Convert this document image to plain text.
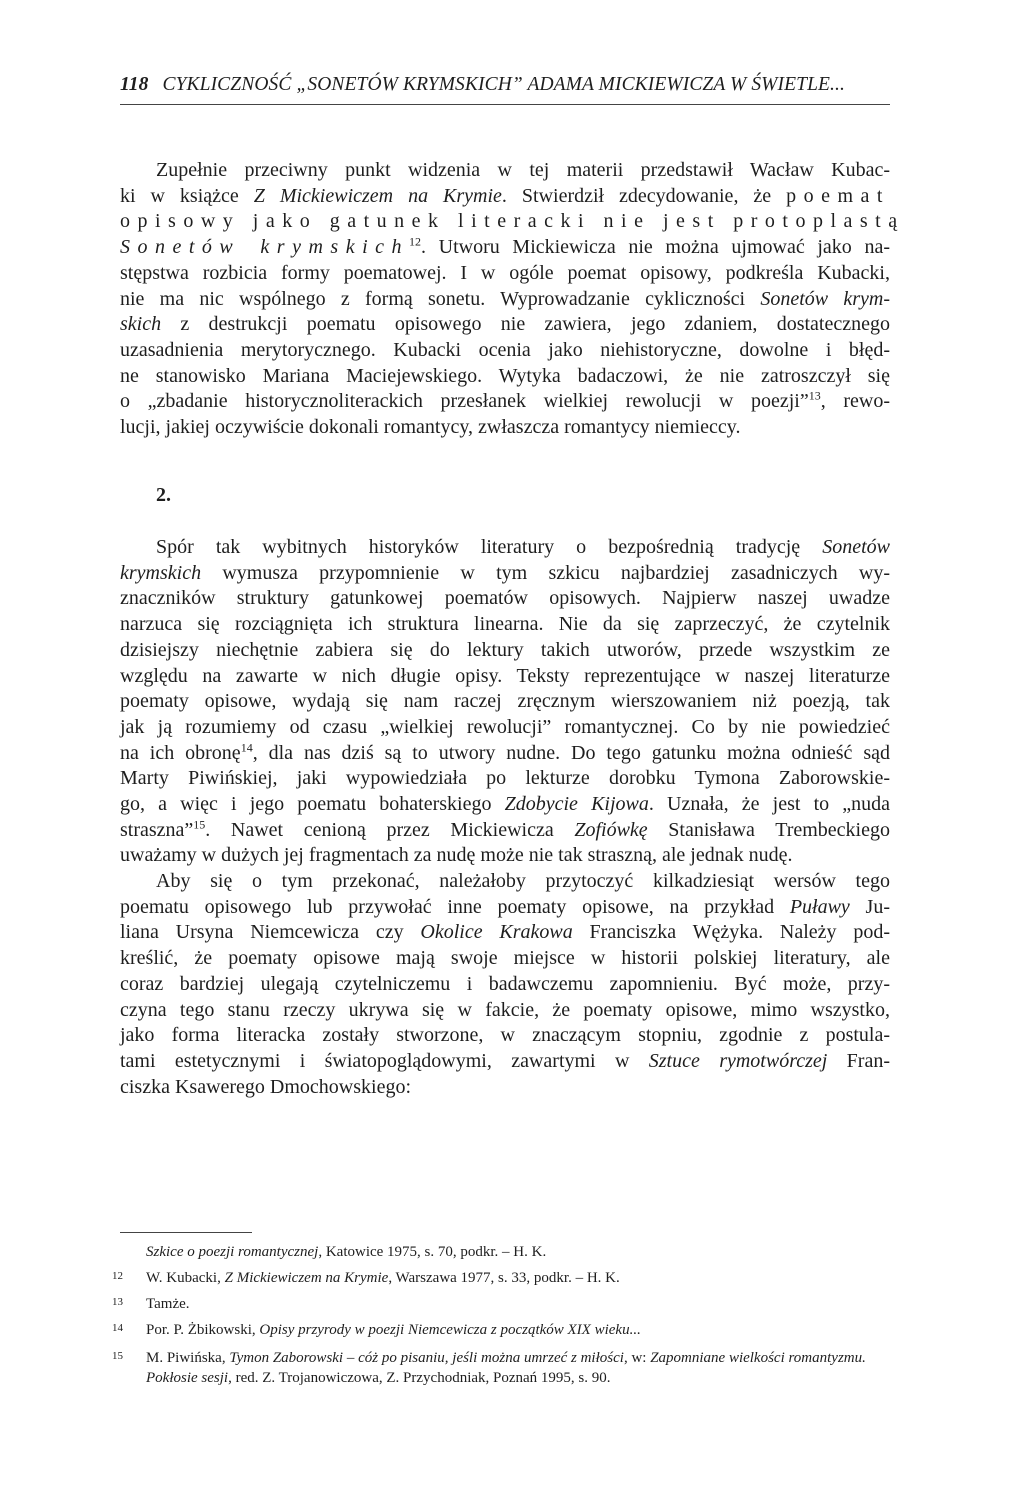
118 CYKLICZNOŚĆ „SONETÓW KRYMSKICH” ADAMA MICKIEWICZA W ŚWIETLE...
Zupełnie przeciwny punkt widzenia w tej materii przedstawił Wacław Kubac-
ki w książce Z Mickiewiczem na Krymie. Stwierdził zdecydowanie, że poemat
opisowy jako gatunek literacki nie jest protoplastą
Sonetów krymskich$^{12}$. Utworu Mickiewicza nie można ujmować jako na-
stępstwa rozbicia formy poematowej. I w ogóle poemat opisowy, podkreśla Kubacki,
nie ma nic wspólnego z formą sonetu. Wyprowadzanie cykliczności Sonetów krym-
skich z destrukcji poematu opisowego nie zawiera, jego zdaniem, dostatecznego
uzasadnienia merytorycznego. Kubacki ocenia jako niehistoryczne, dowolne i błęd-
ne stanowisko Mariana Maciejewskiego. Wytyka badaczowi, że nie zatroszczył się
o „zbadanie historycznoliterackich przesłanek wielkiej rewolucji w poezji”$^{13}$, rewo-
lucji, jakiej oczywiście dokonali romantycy, zwłaszcza romantycy niemieccy.
2.
Spór tak wybitnych historyków literatury o bezpośrednią tradycję Sonetów
krymskich wymusza przypomnienie w tym szkicu najbardziej zasadniczych wy-
znaczników struktury gatunkowej poematów opisowych. Najpierw naszej uwadze
narzuca się rozciągnięta ich struktura linearna. Nie da się zaprzeczyć, że czytelnik
dzisiejszy niechętnie zabiera się do lektury takich utworów, przede wszystkim ze
względu na zawarte w nich długie opisy. Teksty reprezentujące w naszej literaturze
poematy opisowe, wydają się nam raczej zręcznym wierszowaniem niż poezją, tak
jak ją rozumiemy od czasu „wielkiej rewolucji” romantycznej. Co by nie powiedzieć
na ich obronę$^{14}$, dla nas dziś są to utwory nudne. Do tego gatunku można odnieść sąd
Marty Piwińskiej, jaki wypowiedziała po lekturze dorobku Tymona Zaborowskie-
go, a więc i jego poematu bohaterskiego Zdobycie Kijowa. Uznała, że jest to „nuda
straszna”$^{15}$. Nawet cenioną przez Mickiewicza Zofiówkę Stanisława Trembeckiego
uważamy w dużych jej fragmentach za nudę może nie tak straszną, ale jednak nudę.
Aby się o tym przekonać, należałoby przytoczyć kilkadziesiąt wersów tego
poematu opisowego lub przywołać inne poematy opisowe, na przykład Puławy Ju-
liana Ursyna Niemcewicza czy Okolice Krakowa Franciszka Wężyka. Należy pod-
kreślić, że poematy opisowe mają swoje miejsce w historii polskiej literatury, ale
coraz bardziej ulegają czytelniczemu i badawczemu zapomnieniu. Być może, przy-
czyna tego stanu rzeczy ukrywa się w fakcie, że poematy opisowe, mimo wszystko,
jako forma literacka zostały stworzone, w znaczącym stopniu, zgodnie z postula-
tami estetycznymi i światopoglądowymi, zawartymi w Sztuce rymotwórczej Fran-
ciszka Ksawerego Dmochowskiego:
Szkice o poezji romantycznej, Katowice 1975, s. 70, podkr. – H. K.
12	W. Kubacki, Z Mickiewiczem na Krymie, Warszawa 1977, s. 33, podkr. – H. K.
13	Tamże.
14	Por. P. Żbikowski, Opisy przyrody w poezji Niemcewicza z początków XIX wieku...
15	M. Piwińska, Tymon Zaborowski – cóż po pisaniu, jeśli można umrzeć z miłości, w: Zapomniane wielkości romantyzmu. Pokłosie sesji, red. Z. Trojanowiczowa, Z. Przychodniak, Poznań 1995, s. 90.
